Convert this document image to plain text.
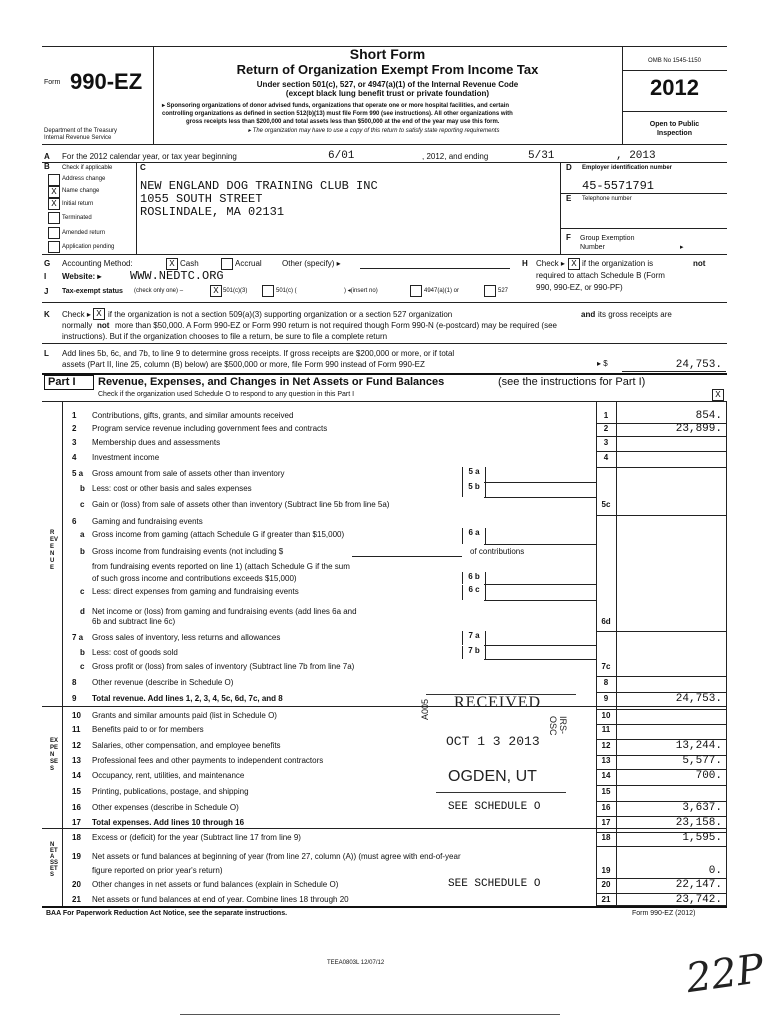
Form 990-EZ
Department of the Treasury
Internal Revenue Service
Short Form
Return of Organization Exempt From Income Tax
Under section 501(c), 527, or 4947(a)(1) of the Internal Revenue Code
(except black lung benefit trust or private foundation)
▸ Sponsoring organizations of donor advised funds, organizations that operate one or more hospital facilities, and certain
controlling organizations as defined in section 512(b)(13) must file Form 990 (see instructions). All other organizations with
gross receipts less than $200,000 and total assets less than $500,000 at the end of the year may use this form.
▸ The organization may have to use a copy of this return to satisfy state reporting requirements
OMB No 1545-1150
2012
Open to Public
Inspection
A For the 2012 calendar year, or tax year beginning	6/01	, 2012, and ending	5/31	, 2013
B Check if applicable
Address change
X Name change
X Initial return
Terminated
Amended return
Application pending
C
NEW ENGLAND DOG TRAINING CLUB INC
1055 SOUTH STREET
ROSLINDALE, MA 02131
D Employer identification number
45-5571791
E Telephone number
F Group Exemption
Number	▸
G Accounting Method:	X Cash	Accrual	Other (specify) ▸	H Check ▸ X if the organization is	not
required to attach Schedule B (Form
990, 990-EZ, or 990-PF)
I Website: ▸ WWW.NEDTC.ORG
J Tax-exempt status (check only one) –	X 501(c)(3)	501(c) (	) ◂(insert no)	4947(a)(1) or	527
K Check ▸ X if the organization is not a section 509(a)(3) supporting organization or a section 527 organization	and its gross receipts are
normally not more than $50,000. A Form 990-EZ or Form 990 return is not required though Form 990-N (e-postcard) may be required (see
instructions). But if the organization chooses to file a return, be sure to file a complete return
L Add lines 5b, 6c, and 7b, to line 9 to determine gross receipts. If gross receipts are $200,000 or more, or if total
assets (Part II, line 25, column (B) below) are $500,000 or more, file Form 990 instead of Form 990-EZ	▸ $	24,753.
Part I Revenue, Expenses, and Changes in Net Assets or Fund Balances	(see the instructions for Part I)
Check if the organization used Schedule O to respond to any question in this Part I	X
REVENUE
EXPENSES
NET ASSETS
1 Contributions, gifts, grants, and similar amounts received	1	854.
2 Program service revenue including government fees and contracts	2	23,899.
3 Membership dues and assessments	3
4 Investment income	4
5 a Gross amount from sale of assets other than inventory	5 a
b Less: cost or other basis and sales expenses	5 b
c Gain or (loss) from sale of assets other than inventory (Subtract line 5b from line 5a)	5c
6 Gaming and fundraising events
a Gross income from gaming (attach Schedule G if greater than $15,000)	6 a
b Gross income from fundraising events (not including $	of contributions
from fundraising events reported on line 1) (attach Schedule G if the sum
of such gross income and contributions exceeds $15,000)	6 b
c Less: direct expenses from gaming and fundraising events	6 c
d Net income or (loss) from gaming and fundraising events (add lines 6a and
6b and subtract line 6c)	6d
7 a Gross sales of inventory, less returns and allowances	7 a
b Less: cost of goods sold	7 b
c Gross profit or (loss) from sales of inventory (Subtract line 7b from line 7a)	7c
8 Other revenue (describe in Schedule O)	8
9 Total revenue. Add lines 1, 2, 3, 4, 5c, 6d, 7c, and 8	9	24,753.
10 Grants and similar amounts paid (list in Schedule O)	10
11 Benefits paid to or for members	11
12 Salaries, other compensation, and employee benefits	12	13,244.
13 Professional fees and other payments to independent contractors	13	5,577.
14 Occupancy, rent, utilities, and maintenance	14	700.
15 Printing, publications, postage, and shipping	15
16 Other expenses (describe in Schedule O)	16	3,637.
SEE SCHEDULE O
17 Total expenses. Add lines 10 through 16	17	23,158.
18 Excess or (deficit) for the year (Subtract line 17 from line 9)	18	1,595.
19 Net assets or fund balances at beginning of year (from line 27, column (A)) (must agree with end-of-year
figure reported on prior year's return)	19	0.
20 Other changes in net assets or fund balances (explain in Schedule O)	20	22,147.
SEE SCHEDULE O
21 Net assets or fund balances at end of year. Combine lines 18 through 20	21	23,742.
RECEIVED
A005
OCT 1 3 2013
IRS-OSC
OGDEN, UT
BAA For Paperwork Reduction Act Notice, see the separate instructions.	Form 990-EZ (2012)
TEEA0803L 12/07/12	22P
